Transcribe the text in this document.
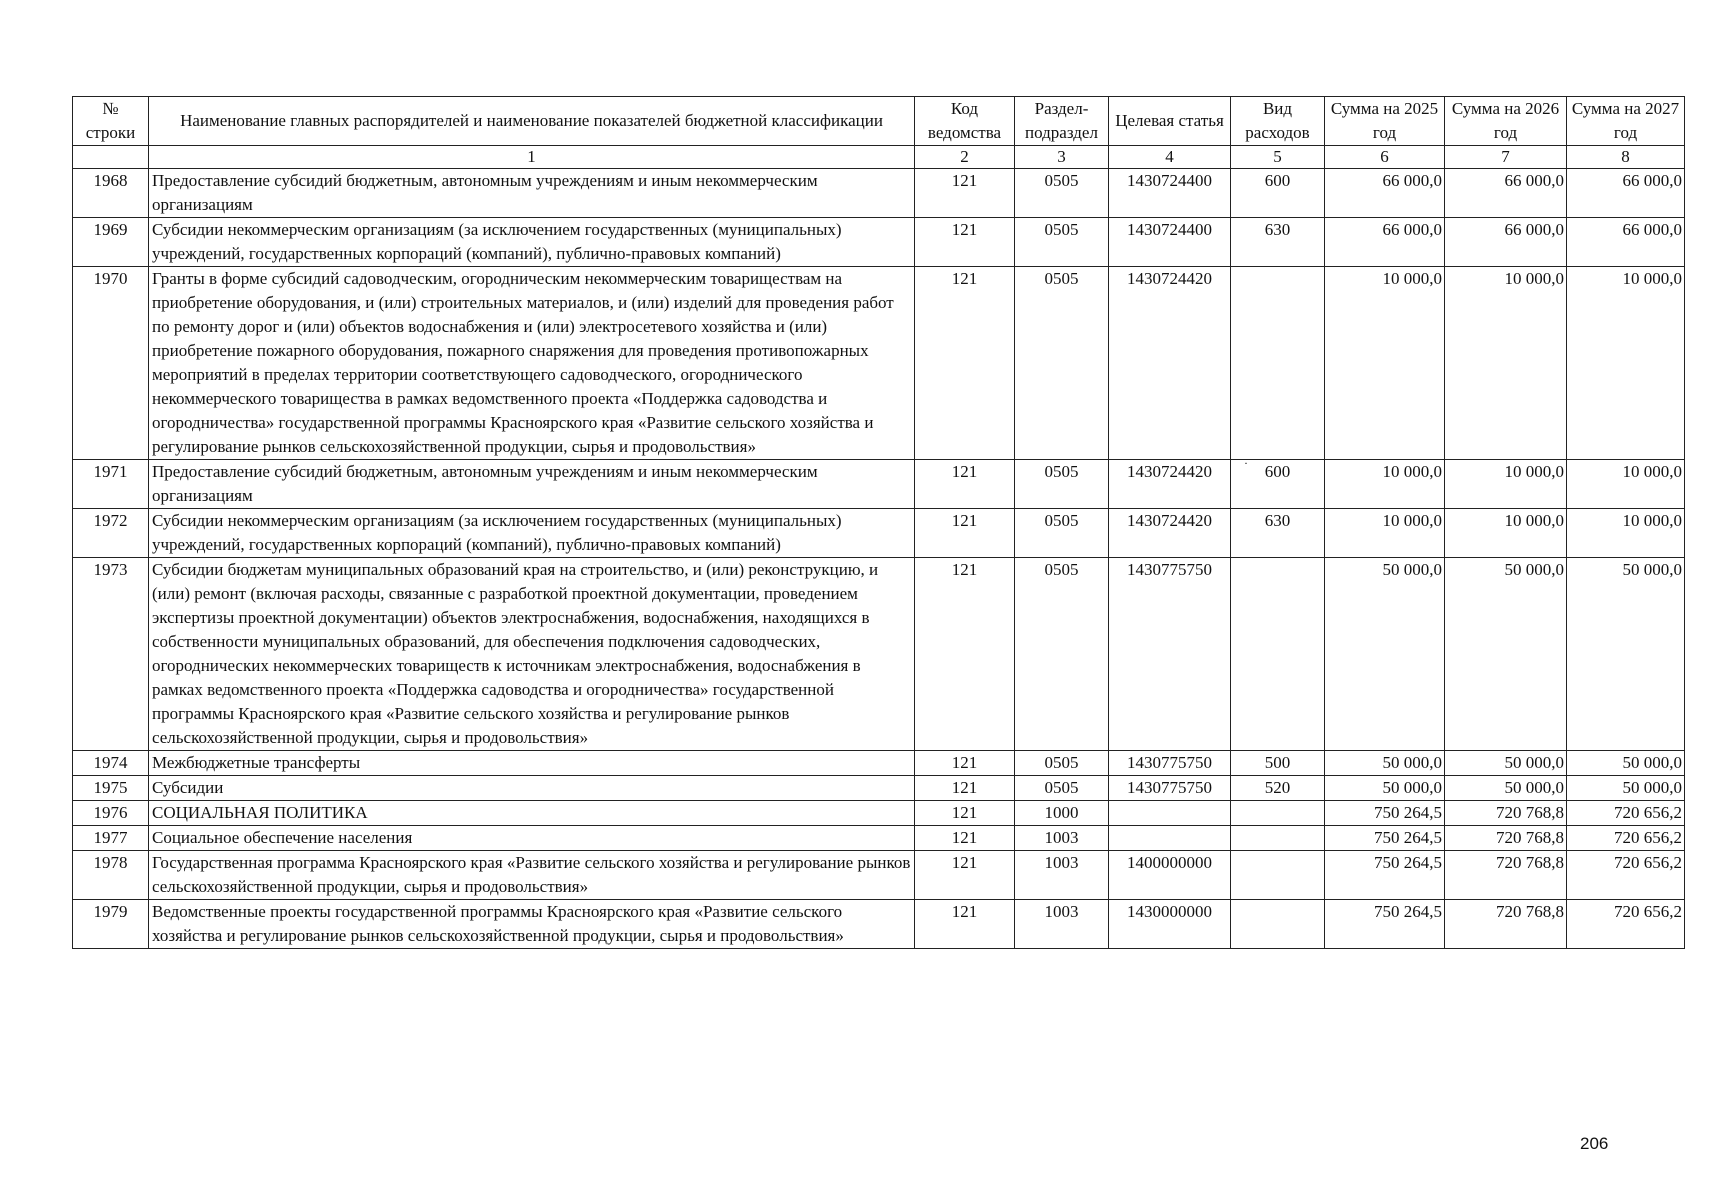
№ строки	Наименование главных распорядителей и наименование показателей бюджетной классификации	Код ведомства	Раздел- подраздел	Целевая статья	Вид расходов	Сумма на 2025 год	Сумма на 2026 год	Сумма на 2027 год
	1	2	3	4	5	6	7	8
1968	Предоставление субсидий бюджетным, автономным учреждениям и иным некоммерческим организациям	121	0505	1430724400	600	66 000,0	66 000,0	66 000,0
1969	Субсидии некоммерческим организациям (за исключением государственных (муниципальных) учреждений, государственных корпораций (компаний), публично-правовых компаний)	121	0505	1430724400	630	66 000,0	66 000,0	66 000,0
1970	Гранты в форме субсидий садоводческим, огородническим некоммерческим товариществам на приобретение оборудования, и (или) строительных материалов, и (или) изделий для проведения работ по ремонту дорог и (или) объектов водоснабжения и (или) электросетевого хозяйства и (или) приобретение пожарного оборудования, пожарного снаряжения для проведения противопожарных мероприятий в пределах территории соответствующего садоводческого, огороднического некоммерческого товарищества в рамках ведомственного проекта «Поддержка садоводства и огородничества» государственной программы Красноярского края «Развитие сельского хозяйства и регулирование рынков сельскохозяйственной продукции, сырья и продовольствия»	121	0505	1430724420		10 000,0	10 000,0	10 000,0
1971	Предоставление субсидий бюджетным, автономным учреждениям и иным некоммерческим организациям	121	0505	1430724420	600	10 000,0	10 000,0	10 000,0
1972	Субсидии некоммерческим организациям (за исключением государственных (муниципальных) учреждений, государственных корпораций (компаний), публично-правовых компаний)	121	0505	1430724420	630	10 000,0	10 000,0	10 000,0
1973	Субсидии бюджетам муниципальных образований края на строительство, и (или) реконструкцию, и (или) ремонт (включая расходы, связанные с разработкой проектной документации, проведением экспертизы проектной документации) объектов электроснабжения, водоснабжения, находящихся в собственности муниципальных образований, для обеспечения подключения садоводческих, огороднических некоммерческих товариществ к источникам электроснабжения, водоснабжения в рамках ведомственного проекта «Поддержка садоводства и огородничества» государственной программы Красноярского края «Развитие сельского хозяйства и регулирование рынков сельскохозяйственной продукции, сырья и продовольствия»	121	0505	1430775750		50 000,0	50 000,0	50 000,0
1974	Межбюджетные трансферты	121	0505	1430775750	500	50 000,0	50 000,0	50 000,0
1975	Субсидии	121	0505	1430775750	520	50 000,0	50 000,0	50 000,0
1976	СОЦИАЛЬНАЯ ПОЛИТИКА	121	1000			750 264,5	720 768,8	720 656,2
1977	Социальное обеспечение населения	121	1003			750 264,5	720 768,8	720 656,2
1978	Государственная программа Красноярского края «Развитие сельского хозяйства и регулирование рынков сельскохозяйственной продукции, сырья и продовольствия»	121	1003	1400000000		750 264,5	720 768,8	720 656,2
1979	Ведомственные проекты государственной программы Красноярского края «Развитие сельского хозяйства и регулирование рынков сельскохозяйственной продукции, сырья и продовольствия»	121	1003	1430000000		750 264,5	720 768,8	720 656,2
·
206
